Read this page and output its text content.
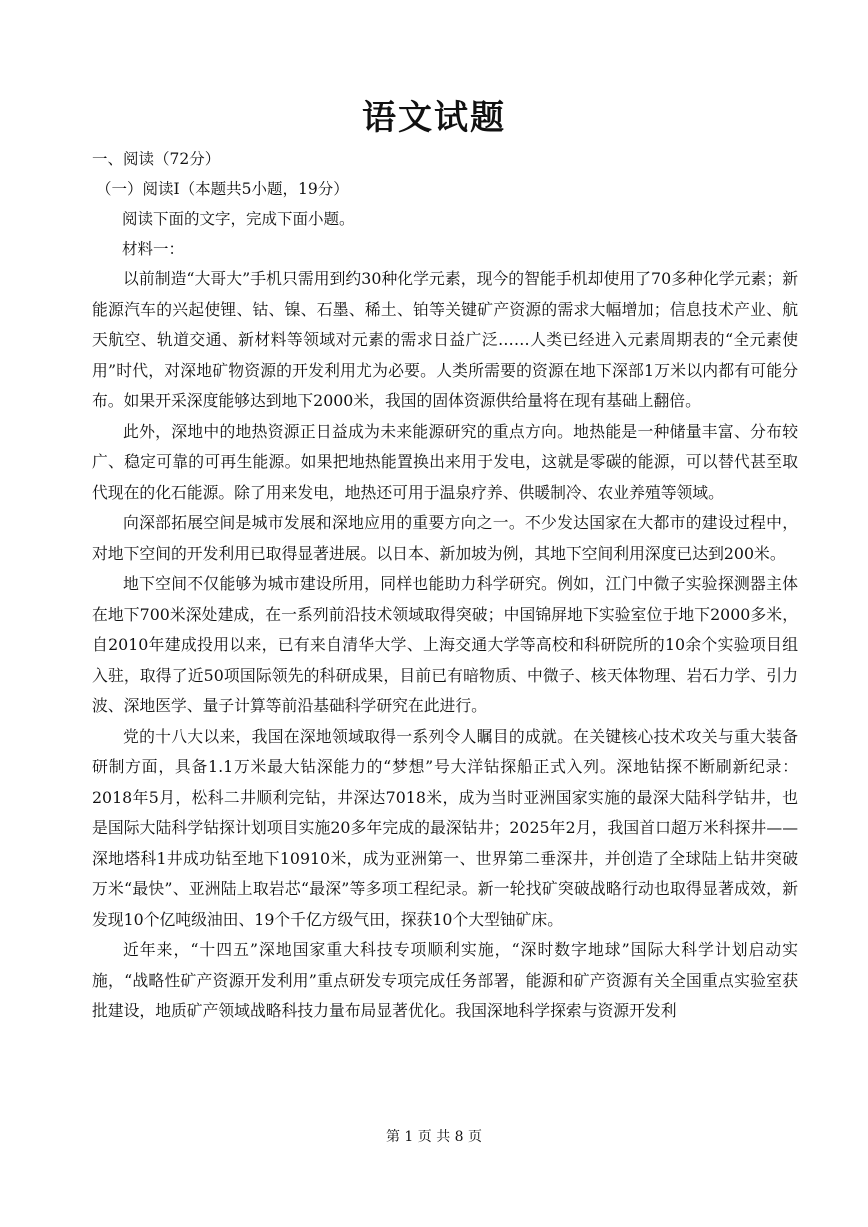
语文试题
一、阅读（72分）
（一）阅读Ⅰ（本题共5小题，19分）
阅读下面的文字，完成下面小题。
材料一：

以前制造“大哥大”手机只需用到约30种化学元素，现今的智能手机却使用了70多种化学元素；新能源汽车的兴起使锂、钴、镍、石墨、稀土、铂等关键矿产资源的需求大幅增加；信息技术产业、航天航空、轨道交通、新材料等领域对元素的需求日益广泛……人类已经进入元素周期表的“全元素使用”时代，对深地矿物资源的开发利用尤为必要。人类所需要的资源在地下深部1万米以内都有可能分布。如果开采深度能够达到地下2000米，我国的固体资源供给量将在现有基础上翻倍。

此外，深地中的地热资源正日益成为未来能源研究的重点方向。地热能是一种储量丰富、分布较广、稳定可靠的可再生能源。如果把地热能置换出来用于发电，这就是零碳的能源，可以替代甚至取代现在的化石能源。除了用来发电，地热还可用于温泉疗养、供暖制冷、农业养殖等领域。

向深部拓展空间是城市发展和深地应用的重要方向之一。不少发达国家在大都市的建设过程中，对地下空间的开发利用已取得显著进展。以日本、新加坡为例，其地下空间利用深度已达到200米。

地下空间不仅能够为城市建设所用，同样也能助力科学研究。例如，江门中微子实验探测器主体在地下700米深处建成，在一系列前沿技术领域取得突破；中国锦屏地下实验室位于地下2000多米，自2010年建成投用以来，已有来自清华大学、上海交通大学等高校和科研院所的10余个实验项目组入驻，取得了近50项国际领先的科研成果，目前已有暗物质、中微子、核天体物理、岩石力学、引力波、深地医学、量子计算等前沿基础科学研究在此进行。

党的十八大以来，我国在深地领域取得一系列令人瞩目的成就。在关键核心技术攻关与重大装备研制方面，具备1.1万米最大钻深能力的“梦想”号大洋钻探船正式入列。深地钻探不断刷新纪录：2018年5月，松科二井顺利完钻，井深达7018米，成为当时亚洲国家实施的最深大陆科学钻井，也是国际大陆科学钻探计划项目实施20多年完成的最深钻井；2025年2月，我国首口超万米科探井——深地塔科1井成功钻至地下10910米，成为亚洲第一、世界第二垂深井，并创造了全球陆上钻井突破万米“最快”、亚洲陆上取岩芯“最深”等多项工程纪录。新一轮找矿突破战略行动也取得显著成效，新发现10个亿吨级油田、19个千亿方级气田，探获10个大型铀矿床。

近年来，“十四五”深地国家重大科技专项顺利实施，“深时数字地球”国际大科学计划启动实施，“战略性矿产资源开发利用”重点研发专项完成任务部署，能源和矿产资源有关全国重点实验室获批建设，地质矿产领域战略科技力量布局显著优化。我国深地科学探索与资源开发利

第 1 页 共 8 页
